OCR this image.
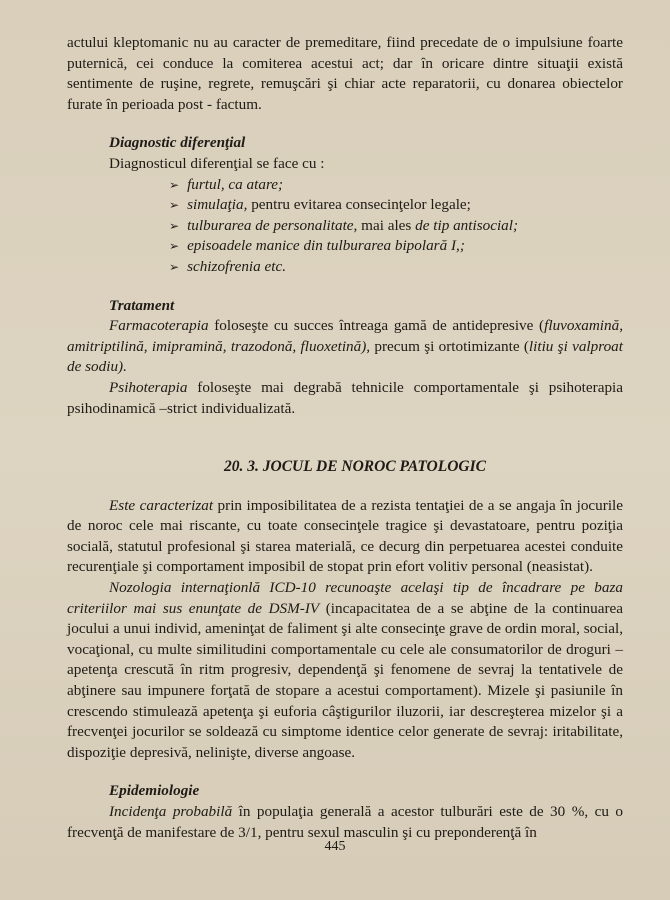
actului kleptomanic nu au caracter de premeditare, fiind precedate de o impulsiune foarte puternică, cei conduce la comiterea acestui act; dar în oricare dintre situaţii există sentimente de ruşine, regrete, remuşcări şi chiar acte reparatorii, cu donarea obiectelor furate în perioada post - factum.

Diagnostic diferenţial

Diagnosticul diferenţial se face cu :

➢ furtul, ca atare;
➢ simulaţia, pentru evitarea consecinţelor legale;
➢ tulburarea de personalitate, mai ales de tip antisocial;
➢ episoadele manice din tulburarea bipolară I,;
➢ schizofrenia etc.

Tratament

Farmacoterapia foloseşte cu succes întreaga gamă de antidepresive (fluvoxamină, amitriptilină, imipramină, trazodonă, fluoxetină), precum şi ortotimizante (litiu şi valproat de sodiu).

Psihoterapia foloseşte mai degrabă tehnicile comportamentale şi psihoterapia psihodinamică –strict individualizată.

20. 3. JOCUL DE NOROC PATOLOGIC

Este caracterizat prin imposibilitatea de a rezista tentaţiei de a se angaja în jocurile de noroc cele mai riscante, cu toate consecinţele tragice şi devastatoare, pentru poziţia socială, statutul profesional şi starea materială, ce decurg din perpetuarea acestei conduite recurenţiale şi comportament imposibil de stopat prin efort volitiv personal (neasistat).

Nozologia internaţionlă ICD-10 recunoaşte acelaşi tip de încadrare pe baza criteriilor mai sus enunţate de DSM-IV (incapacitatea de a se abţine de la continuarea jocului a unui individ, ameninţat de faliment şi alte consecinţe grave de ordin moral, social, vocaţional, cu multe similitudini comportamentale cu cele ale consumatorilor de droguri – apetenţa crescută în ritm progresiv, dependenţă şi fenomene de sevraj la tentativele de abţinere sau impunere forţată de stopare a acestui comportament). Mizele şi pasiunile în crescendo stimulează apetenţa şi euforia câştigurilor iluzorii, iar descreşterea mizelor şi a frecvenţei jocurilor se soldează cu simptome identice celor generate de sevraj: iritabilitate, dispoziţie depresivă, nelinişte, diverse angoase.

Epidemiologie

Incidenţa probabilă în populaţia generală a acestor tulburări este de 30 %, cu o frecvenţă de manifestare de 3/1, pentru sexul masculin şi cu preponderenţă în

445
